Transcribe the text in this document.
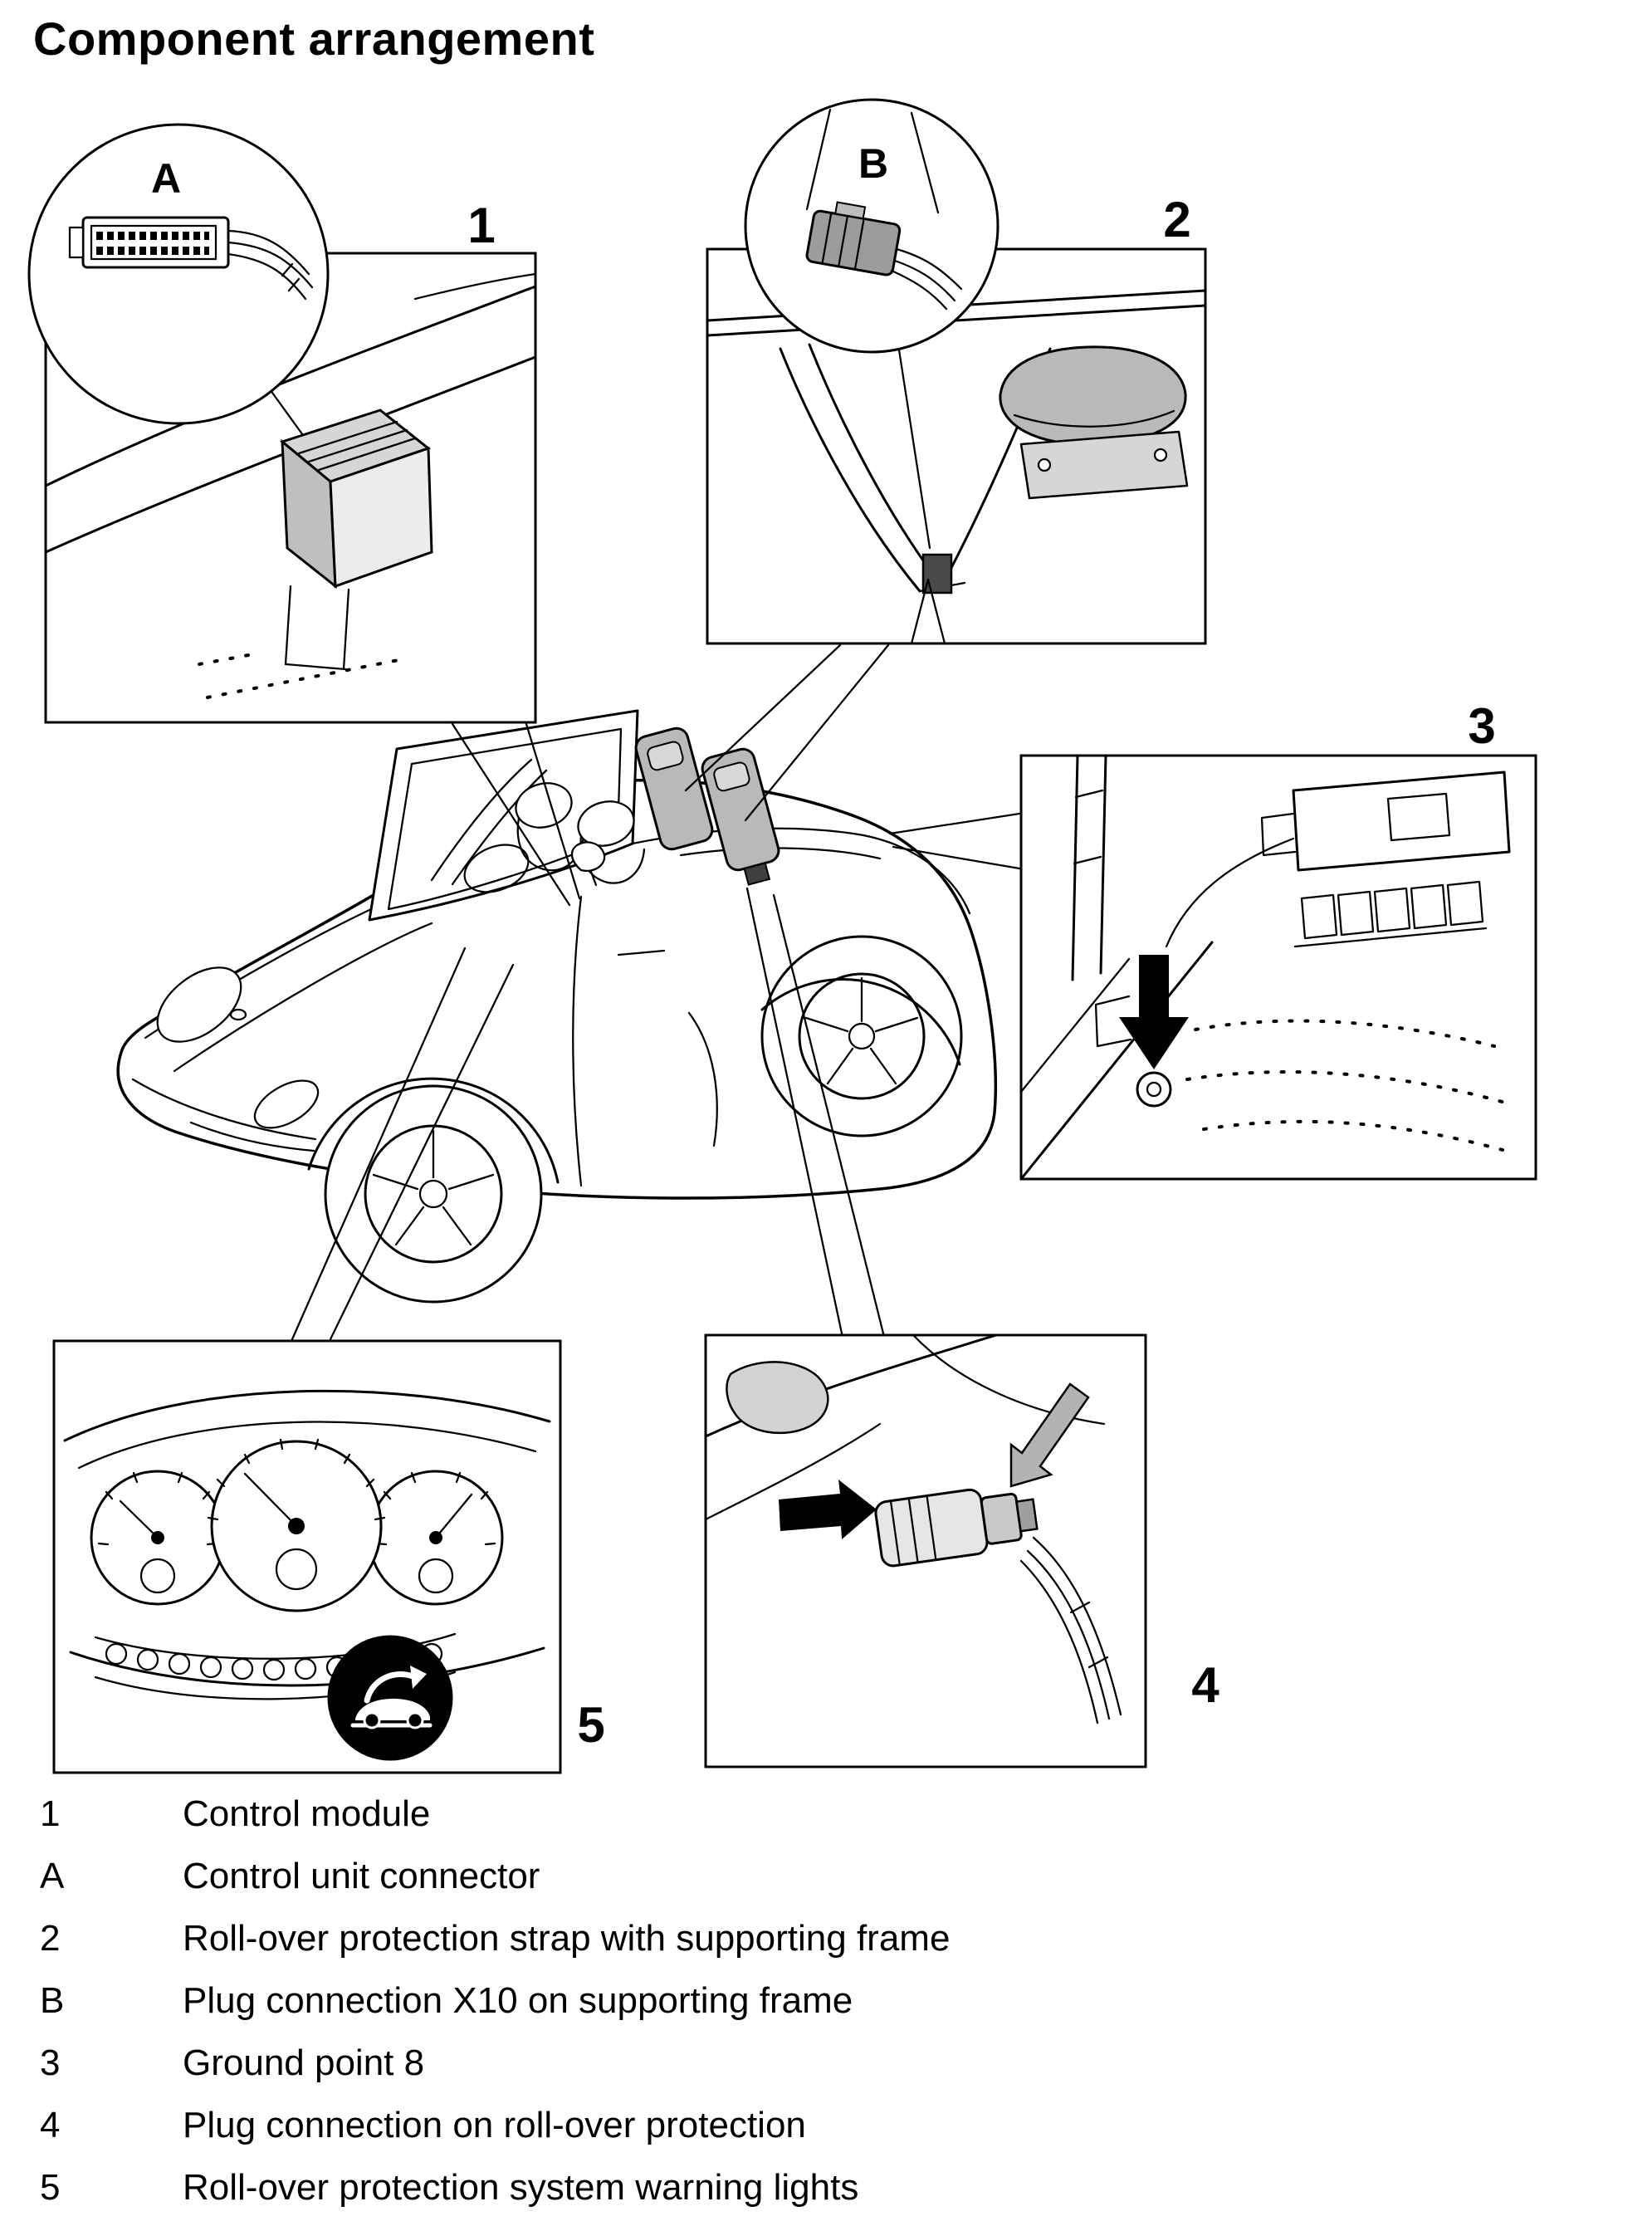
Component arrangement
A	B
1	2
3
4
5
1	Control module
A	Control unit connector
2	Roll-over protection strap with supporting frame
B	Plug connection X10 on supporting frame
3	Ground point 8
4	Plug connection on roll-over protection
5	Roll-over protection system warning lights
